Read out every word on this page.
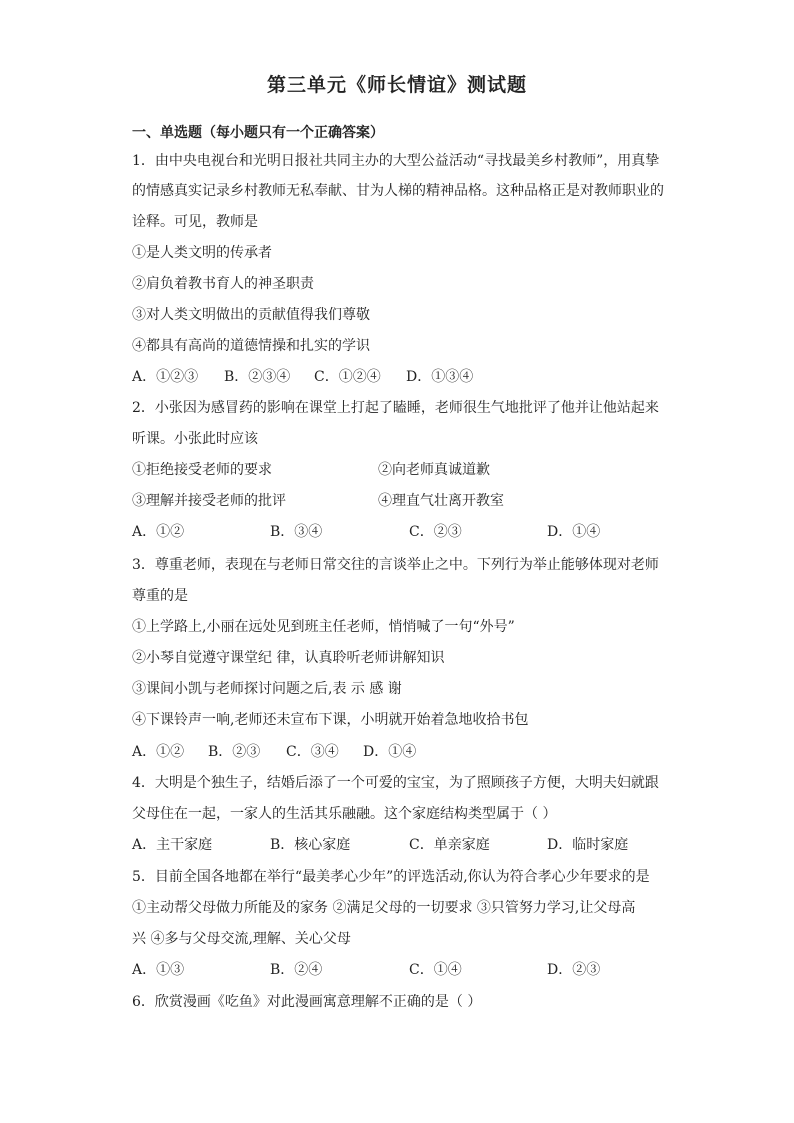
第三单元《师长情谊》测试题
一、单选题（每小题只有一个正确答案）
1．由中央电视台和光明日报社共同主办的大型公益活动“寻找最美乡村教师”，用真挚
的情感真实记录乡村教师无私奉献、甘为人梯的精神品格。这种品格正是对教师职业的
诠释。可见，教师是
①是人类文明的传承者
②肩负着教书育人的神圣职责
③对人类文明做出的贡献值得我们尊敬
④都具有高尚的道德情操和扎实的学识
A．①②③ B．②③④ C．①②④ D．①③④
2．小张因为感冒药的影响在课堂上打起了瞌睡，老师很生气地批评了他并让他站起来
听课。小张此时应该
①拒绝接受老师的要求	②向老师真诚道歉
③理解并接受老师的批评	④理直气壮离开教室
A．①②	B．③④	C．②③	D．①④
3．尊重老师，表现在与老师日常交往的言谈举止之中。下列行为举止能够体现对老师
尊重的是
①上学路上,小丽在远处见到班主任老师，悄悄喊了一句“外号”
②小琴自觉遵守课堂纪 律，认真聆听老师讲解知识
③课间小凯与老师探讨问题之后,表 示 感 谢
④下课铃声一响,老师还未宣布下课，小明就开始着急地收拾书包
A．①② B．②③ C．③④ D．①④
4．大明是个独生子，结婚后添了一个可爱的宝宝，为了照顾孩子方便，大明夫妇就跟
父母住在一起，一家人的生活其乐融融。这个家庭结构类型属于（ ）
A．主干家庭	B．核心家庭	C．单亲家庭	D．临时家庭
5．目前全国各地都在举行“最美孝心少年”的评选活动,你认为符合孝心少年要求的是
①主动帮父母做力所能及的家务 ②满足父母的一切要求 ③只管努力学习,让父母高
兴 ④多与父母交流,理解、关心父母
A．①③	B．②④	C．①④	D．②③
6．欣赏漫画《吃鱼》对此漫画寓意理解不正确的是（ ）
